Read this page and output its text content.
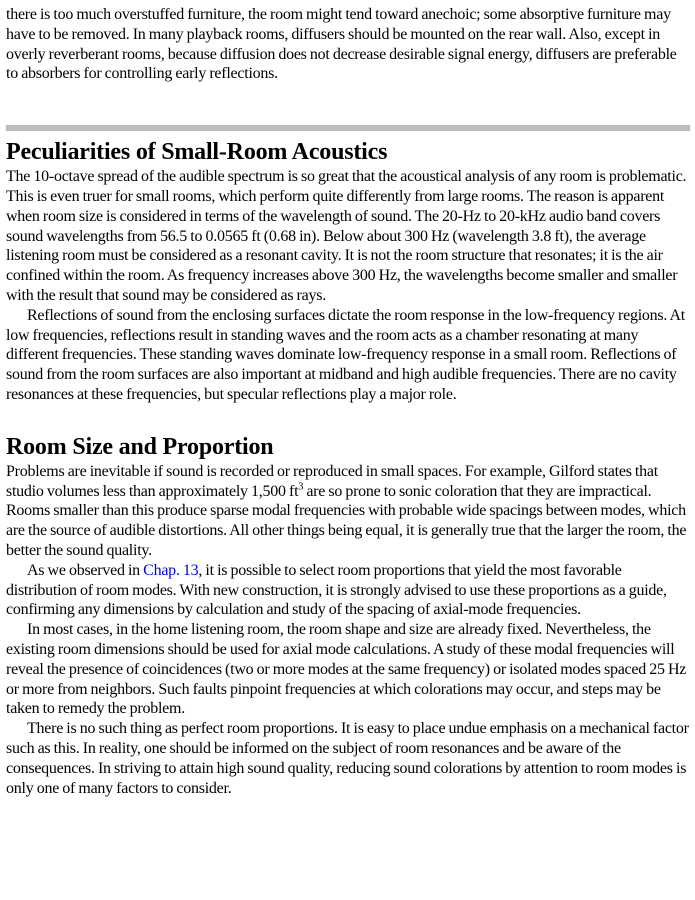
there is too much overstuffed furniture, the room might tend toward anechoic; some absorptive furniture may have to be removed. In many playback rooms, diffusers should be mounted on the rear wall. Also, except in overly reverberant rooms, because diffusion does not decrease desirable signal energy, diffusers are preferable to absorbers for controlling early reflections.

Peculiarities of Small-Room Acoustics

The 10-octave spread of the audible spectrum is so great that the acoustical analysis of any room is problematic. This is even truer for small rooms, which perform quite differently from large rooms. The reason is apparent when room size is considered in terms of the wavelength of sound. The 20-Hz to 20-kHz audio band covers sound wavelengths from 56.5 to 0.0565 ft (0.68 in). Below about 300 Hz (wavelength 3.8 ft), the average listening room must be considered as a resonant cavity. It is not the room structure that resonates; it is the air confined within the room. As frequency increases above 300 Hz, the wavelengths become smaller and smaller with the result that sound may be considered as rays.

Reflections of sound from the enclosing surfaces dictate the room response in the low-frequency regions. At low frequencies, reflections result in standing waves and the room acts as a chamber resonating at many different frequencies. These standing waves dominate low-frequency response in a small room. Reflections of sound from the room surfaces are also important at midband and high audible frequencies. There are no cavity resonances at these frequencies, but specular reflections play a major role.

Room Size and Proportion

Problems are inevitable if sound is recorded or reproduced in small spaces. For example, Gilford states that studio volumes less than approximately 1,500 $ft^3$ are so prone to sonic coloration that they are impractical. Rooms smaller than this produce sparse modal frequencies with probable wide spacings between modes, which are the source of audible distortions. All other things being equal, it is generally true that the larger the room, the better the sound quality.

As we observed in Chap. 13, it is possible to select room proportions that yield the most favorable distribution of room modes. With new construction, it is strongly advised to use these proportions as a guide, confirming any dimensions by calculation and study of the spacing of axial-mode frequencies.

In most cases, in the home listening room, the room shape and size are already fixed. Nevertheless, the existing room dimensions should be used for axial mode calculations. A study of these modal frequencies will reveal the presence of coincidences (two or more modes at the same frequency) or isolated modes spaced 25 Hz or more from neighbors. Such faults pinpoint frequencies at which colorations may occur, and steps may be taken to remedy the problem.

There is no such thing as perfect room proportions. It is easy to place undue emphasis on a mechanical factor such as this. In reality, one should be informed on the subject of room resonances and be aware of the consequences. In striving to attain high sound quality, reducing sound colorations by attention to room modes is only one of many factors to consider.
